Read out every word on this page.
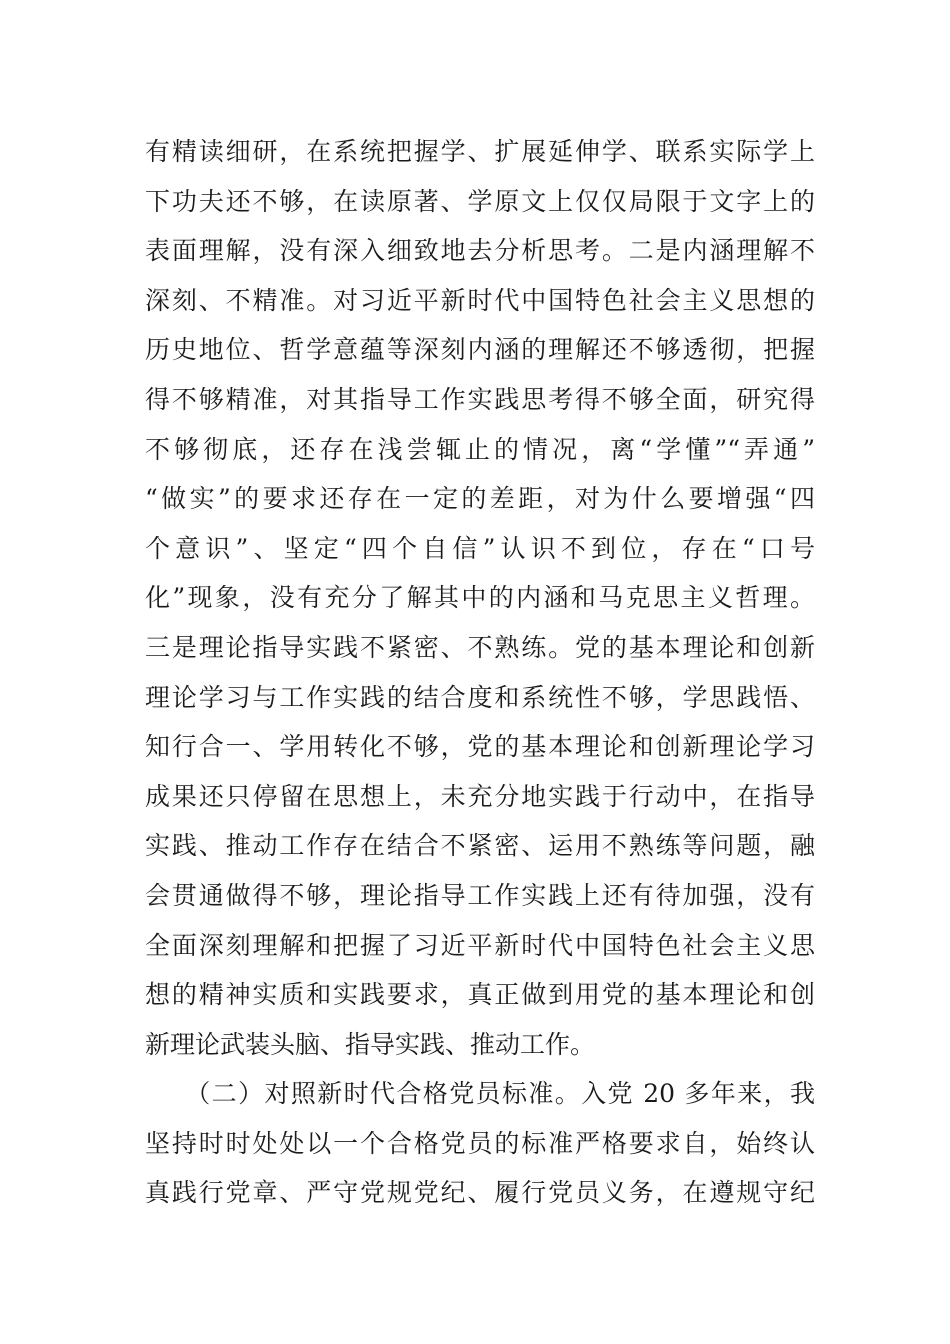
有精读细研，在系统把握学、扩展延伸学、联系实际学上
下功夫还不够，在读原著、学原文上仅仅局限于文字上的
表面理解，没有深入细致地去分析思考。二是内涵理解不
深刻、不精准。对习近平新时代中国特色社会主义思想的
历史地位、哲学意蕴等深刻内涵的理解还不够透彻，把握
得不够精准，对其指导工作实践思考得不够全面，研究得
不够彻底，还存在浅尝辄止的情况，离“学懂”“弄通”
“做实”的要求还存在一定的差距，对为什么要增强“四
个意识”、坚定“四个自信”认识不到位，存在“口号
化”现象，没有充分了解其中的内涵和马克思主义哲理。
三是理论指导实践不紧密、不熟练。党的基本理论和创新
理论学习与工作实践的结合度和系统性不够，学思践悟、
知行合一、学用转化不够，党的基本理论和创新理论学习
成果还只停留在思想上，未充分地实践于行动中，在指导
实践、推动工作存在结合不紧密、运用不熟练等问题，融
会贯通做得不够，理论指导工作实践上还有待加强，没有
全面深刻理解和把握了习近平新时代中国特色社会主义思
想的精神实质和实践要求，真正做到用党的基本理论和创
新理论武装头脑、指导实践、推动工作。
　　（二）对照新时代合格党员标准。入党 20 多年来，我
坚持时时处处以一个合格党员的标准严格要求自，始终认
真践行党章、严守党规党纪、履行党员义务，在遵规守纪
